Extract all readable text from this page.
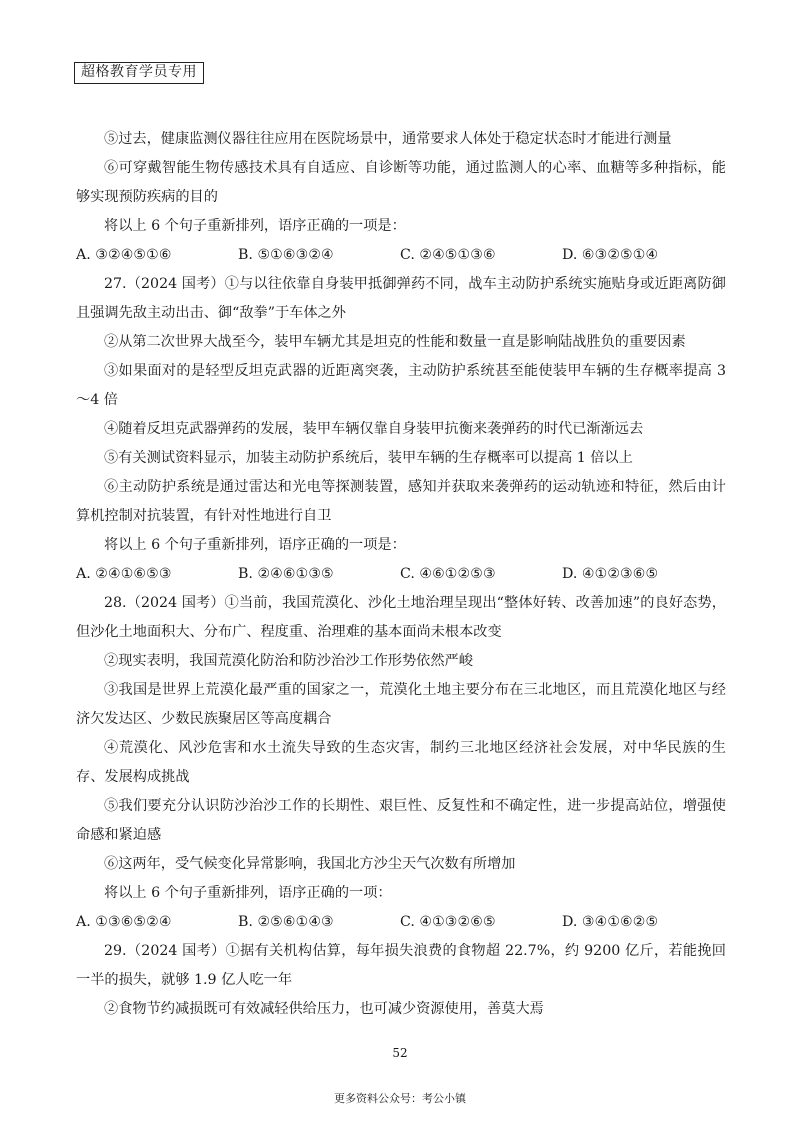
超格教育学员专用

⑤过去，健康监测仪器往往应用在医院场景中，通常要求人体处于稳定状态时才能进行测量

⑥可穿戴智能生物传感技术具有自适应、自诊断等功能，通过监测人的心率、血糖等多种指标，能够实现预防疾病的目的

将以上 6 个句子重新排列，语序正确的一项是：

A. ③②④⑤①⑥	B. ⑤①⑥③②④	C. ②④⑤①③⑥	D. ⑥③②⑤①④

27.（2024 国考）①与以往依靠自身装甲抵御弹药不同，战车主动防护系统实施贴身或近距离防御且强调先敌主动出击、御“敌拳”于车体之外

②从第二次世界大战至今，装甲车辆尤其是坦克的性能和数量一直是影响陆战胜负的重要因素

③如果面对的是轻型反坦克武器的近距离突袭，主动防护系统甚至能使装甲车辆的生存概率提高 3～4 倍

④随着反坦克武器弹药的发展，装甲车辆仅靠自身装甲抗衡来袭弹药的时代已渐渐远去

⑤有关测试资料显示，加装主动防护系统后，装甲车辆的生存概率可以提高 1 倍以上

⑥主动防护系统是通过雷达和光电等探测装置，感知并获取来袭弹药的运动轨迹和特征，然后由计算机控制对抗装置，有针对性地进行自卫

将以上 6 个句子重新排列，语序正确的一项是：

A. ②④①⑥⑤③	B. ②④⑥①③⑤	C. ④⑥①②⑤③	D. ④①②③⑥⑤

28.（2024 国考）①当前，我国荒漠化、沙化土地治理呈现出“整体好转、改善加速”的良好态势，但沙化土地面积大、分布广、程度重、治理难的基本面尚未根本改变

②现实表明，我国荒漠化防治和防沙治沙工作形势依然严峻

③我国是世界上荒漠化最严重的国家之一，荒漠化土地主要分布在三北地区，而且荒漠化地区与经济欠发达区、少数民族聚居区等高度耦合

④荒漠化、风沙危害和水土流失导致的生态灾害，制约三北地区经济社会发展，对中华民族的生存、发展构成挑战

⑤我们要充分认识防沙治沙工作的长期性、艰巨性、反复性和不确定性，进一步提高站位，增强使命感和紧迫感

⑥这两年，受气候变化异常影响，我国北方沙尘天气次数有所增加

将以上 6 个句子重新排列，语序正确的一项：

A. ①③⑥⑤②④	B. ②⑤⑥①④③	C. ④①③②⑥⑤	D. ③④①⑥②⑤

29.（2024 国考）①据有关机构估算，每年损失浪费的食物超 22.7%，约 9200 亿斤，若能挽回一半的损失，就够 1.9 亿人吃一年

②食物节约减损既可有效减轻供给压力，也可减少资源使用，善莫大焉

52
更多资料公众号：考公小镇
